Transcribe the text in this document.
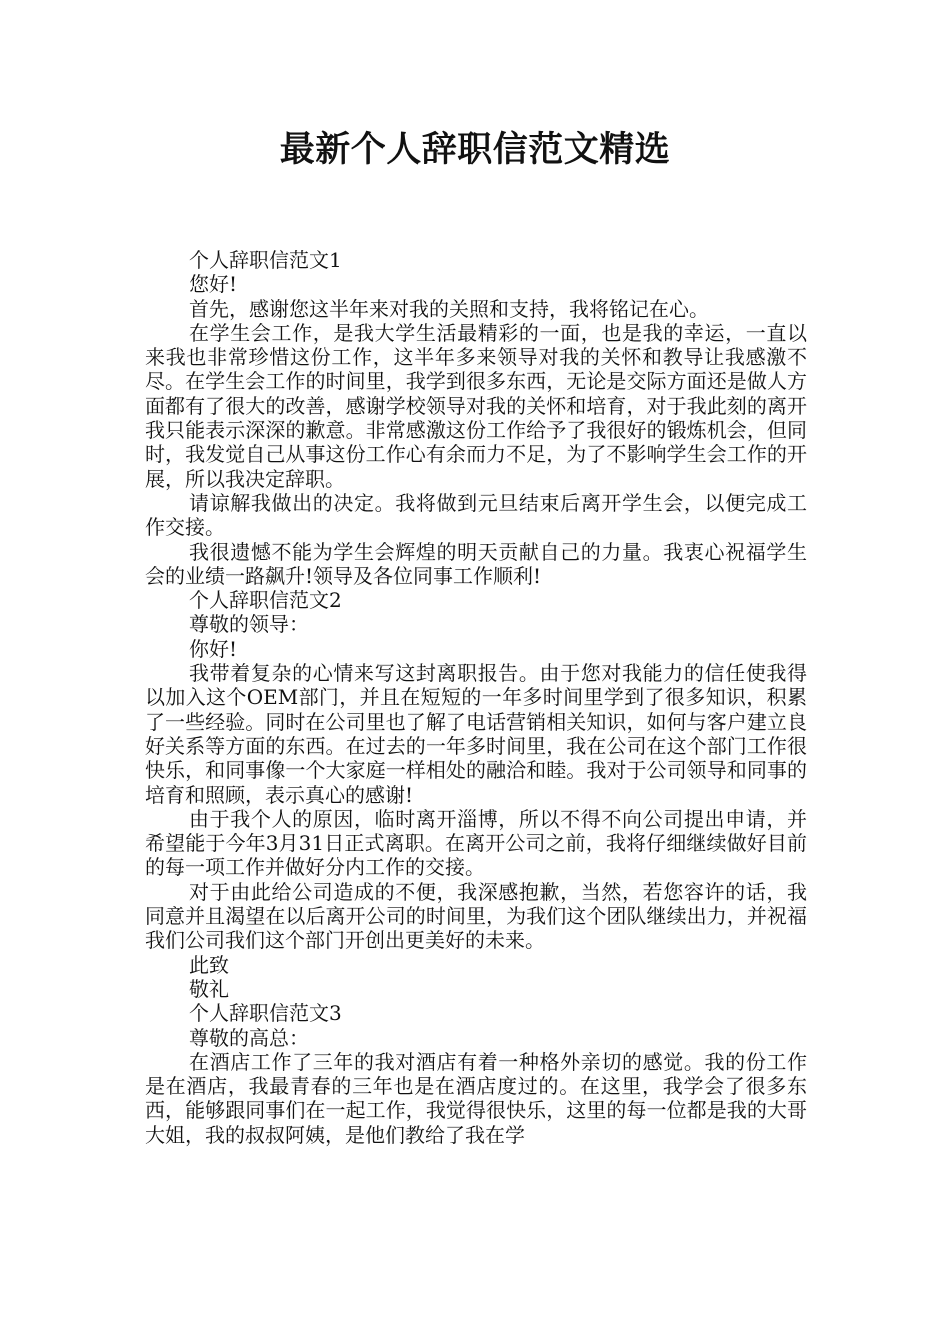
最新个人辞职信范文精选

个人辞职信范文1

您好!

首先，感谢您这半年来对我的关照和支持，我将铭记在心。

在学生会工作，是我大学生活最精彩的一面，也是我的幸运，一直以来我也非常珍惜这份工作，这半年多来领导对我的关怀和教导让我感激不尽。在学生会工作的时间里，我学到很多东西，无论是交际方面还是做人方面都有了很大的改善，感谢学校领导对我的关怀和培育，对于我此刻的离开我只能表示深深的歉意。非常感激这份工作给予了我很好的锻炼机会，但同时，我发觉自己从事这份工作心有余而力不足，为了不影响学生会工作的开展，所以我决定辞职。

请谅解我做出的决定。我将做到元旦结束后离开学生会，以便完成工作交接。

我很遗憾不能为学生会辉煌的明天贡献自己的力量。我衷心祝福学生会的业绩一路飙升!领导及各位同事工作顺利!

个人辞职信范文2

尊敬的领导：

你好!

我带着复杂的心情来写这封离职报告。由于您对我能力的信任使我得以加入这个OEM部门，并且在短短的一年多时间里学到了很多知识，积累了一些经验。同时在公司里也了解了电话营销相关知识，如何与客户建立良好关系等方面的东西。在过去的一年多时间里，我在公司在这个部门工作很快乐，和同事像一个大家庭一样相处的融洽和睦。我对于公司领导和同事的培育和照顾，表示真心的感谢!

由于我个人的原因，临时离开淄博，所以不得不向公司提出申请，并希望能于今年3月31日正式离职。在离开公司之前，我将仔细继续做好目前的每一项工作并做好分内工作的交接。

对于由此给公司造成的不便，我深感抱歉，当然，若您容许的话，我同意并且渴望在以后离开公司的时间里，为我们这个团队继续出力，并祝福我们公司我们这个部门开创出更美好的未来。

此致

敬礼

个人辞职信范文3

尊敬的高总：

在酒店工作了三年的我对酒店有着一种格外亲切的感觉。我的份工作是在酒店，我最青春的三年也是在酒店度过的。在这里，我学会了很多东西，能够跟同事们在一起工作，我觉得很快乐，这里的每一位都是我的大哥大姐，我的叔叔阿姨，是他们教给了我在学
